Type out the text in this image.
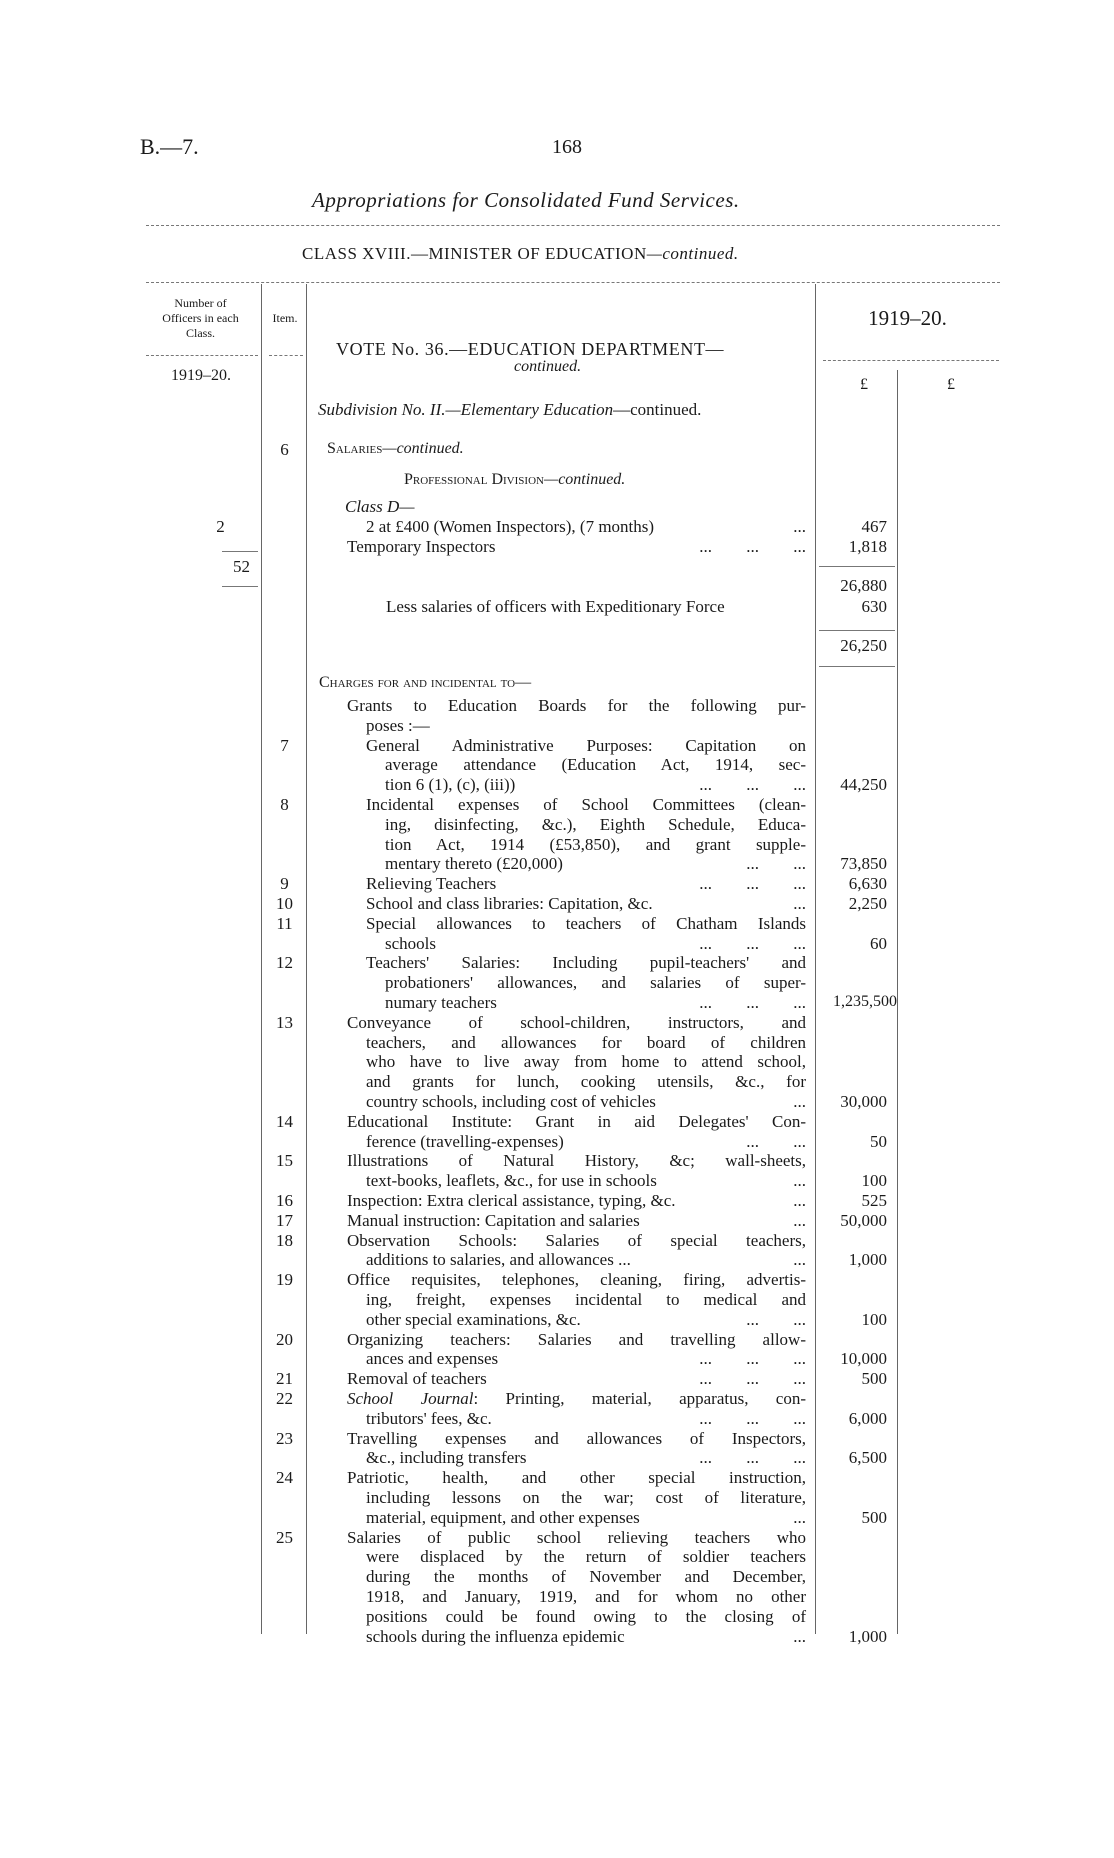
B.—7.	168
Appropriations for Consolidated Fund Services.
CLASS XVIII.—MINISTER OF EDUCATION—continued.
Number of
Officers in each
Class.
Item.
1919–20.
1919–20.
£	£
VOTE No. 36.—EDUCATION DEPARTMENT—
continued.
Subdivision No. II.—Elementary Education—continued.
6	Salaries—continued.
Professional Division—continued.
Class D—
2	2 at £400 (Women Inspectors), (7 months)	...	467
Temporary Inspectors	... ... ...	1,818
52
26,880
Less salaries of officers with Expeditionary Force	630
26,250
Charges for and incidental to—
Grants to Education Boards for the following pur-
poses :—
7	General Administrative Purposes: Capitation on
average attendance (Education Act, 1914, sec-
tion 6 (1), (c), (iii))	... ... ...	44,250
8	Incidental expenses of School Committees (clean-
ing, disinfecting, &c.), Eighth Schedule, Educa-
tion Act, 1914 (£53,850), and grant supple-
mentary thereto (£20,000)	... ...	73,850
9	Relieving Teachers	... ... ...	6,630
10	School and class libraries: Capitation, &c.	...	2,250
11	Special allowances to teachers of Chatham Islands
schools	... ... ...	60
12	Teachers' Salaries: Including pupil-teachers' and
probationers' allowances, and salaries of super-
numary teachers	... ... ...	1,235,500
13	Conveyance of school-children, instructors, and
teachers, and allowances for board of children
who have to live away from home to attend school,
and grants for lunch, cooking utensils, &c., for
country schools, including cost of vehicles	...	30,000
14	Educational Institute: Grant in aid Delegates' Con-
ference (travelling-expenses)	... ...	50
15	Illustrations of Natural History, &c; wall-sheets,
text-books, leaflets, &c., for use in schools	...	100
16	Inspection: Extra clerical assistance, typing, &c.	...	525
17	Manual instruction: Capitation and salaries	...	50,000
18	Observation Schools: Salaries of special teachers,
additions to salaries, and allowances ...	...	1,000
19	Office requisites, telephones, cleaning, firing, advertis-
ing, freight, expenses incidental to medical and
other special examinations, &c.	... ...	100
20	Organizing teachers: Salaries and travelling allow-
ances and expenses	... ... ...	10,000
21	Removal of teachers	... ... ...	500
22	School Journal: Printing, material, apparatus, con-
tributors' fees, &c.	... ... ...	6,000
23	Travelling expenses and allowances of Inspectors,
&c., including transfers	... ... ...	6,500
24	Patriotic, health, and other special instruction,
including lessons on the war; cost of literature,
material, equipment, and other expenses	...	500
25	Salaries of public school relieving teachers who
were displaced by the return of soldier teachers
during the months of November and December,
1918, and January, 1919, and for whom no other
positions could be found owing to the closing of
schools during the influenza epidemic	...	1,000
